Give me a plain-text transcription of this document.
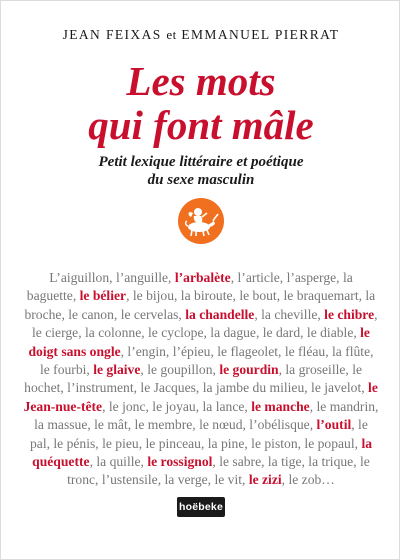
JEAN FEIXAS et EMMANUEL PIERRAT
Les mots
qui font mâle
Petit lexique littéraire et poétique
du sexe masculin
L’aiguillon, l’anguille, l’arbalète, l’article, l’asperge, la baguette, le bélier, le bijou, la biroute, le bout, le braquemart, la broche, le canon, le cervelas, la chandelle, la cheville, le chibre, le cierge, la colonne, le cyclope, la dague, le dard, le diable, le doigt sans ongle, l’engin, l’épieu, le flageolet, le fléau, la flûte, le fourbi, le glaive, le goupillon, le gourdin, la groseille, le hochet, l’instrument, le Jacques, la jambe du milieu, le javelot, le Jean-nue-tête, le jonc, le joyau, la lance, le manche, le mandrin, la massue, le mât, le membre, le nœud, l’obélisque, l’outil, le pal, le pénis, le pieu, le pinceau, la pine, le piston, le popaul, la quéquette, la quille, le rossignol, le sabre, la tige, la trique, le tronc, l’ustensile, la verge, le vit, le zizi, le zob…
hoëbeke
